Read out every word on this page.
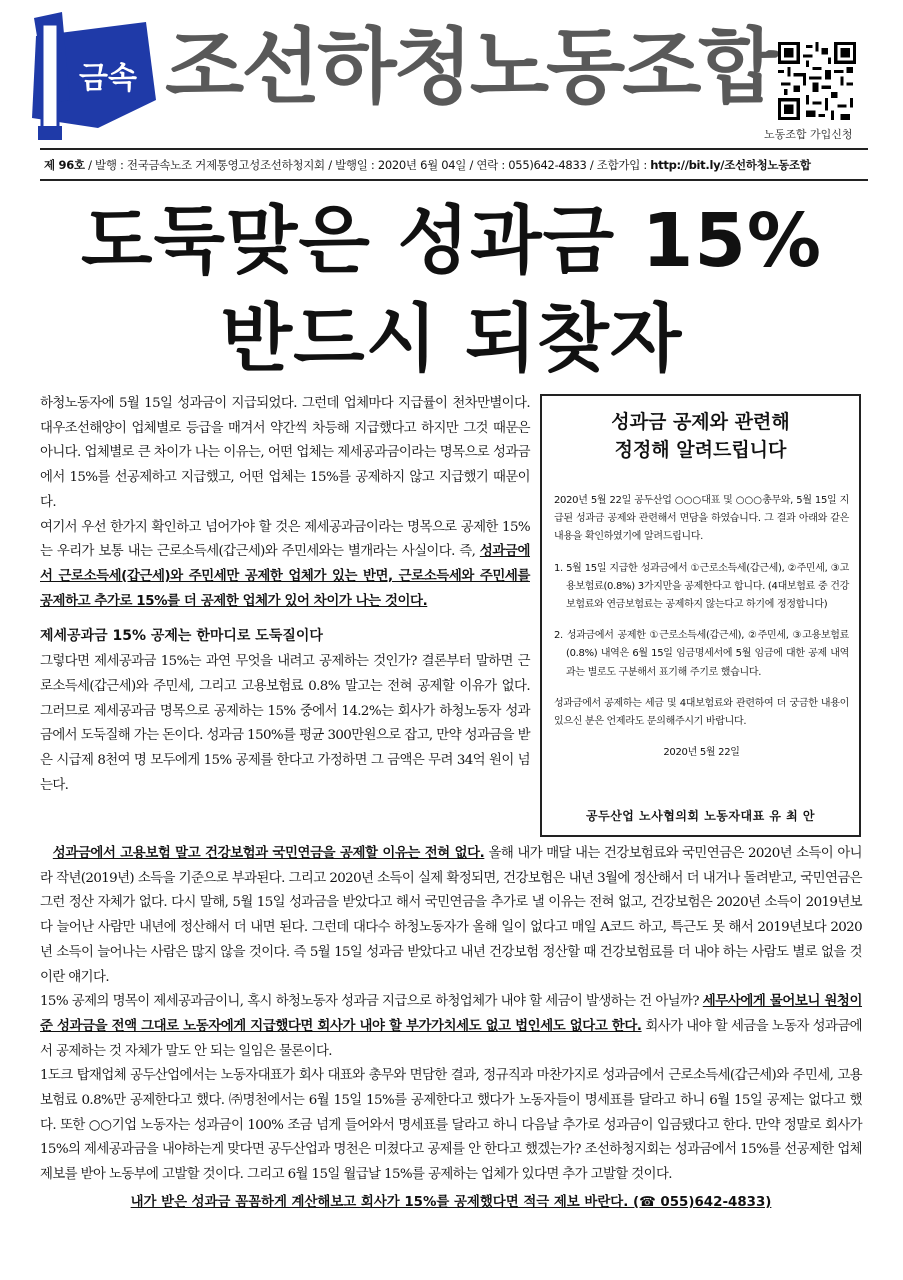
금속 조선하청노동조합
노동조합 가입신청
제 96호 / 발행 : 전국금속노조 거제통영고성조선하청지회 / 발행일 : 2020년 6월 04일 / 연락 : 055)642-4833 / 조합가입 : http://bit.ly/조선하청노동조합
도둑맞은 성과금 15%
반드시 되찾자

하청노동자에 5월 15일 성과금이 지급되었다. 그런데 업체마다 지급률이 천차만별이다. 대우조선해양이 업체별로 등급을 매겨서 약간씩 차등해 지급했다고 하지만 그것 때문은 아니다. 업체별로 큰 차이가 나는 이유는, 어떤 업체는 제세공과금이라는 명목으로 성과금에서 15%를 선공제하고 지급했고, 어떤 업체는 15%를 공제하지 않고 지급했기 때문이다.

여기서 우선 한가지 확인하고 넘어가야 할 것은 제세공과금이라는 명목으로 공제한 15%는 우리가 보통 내는 근로소득세(갑근세)와 주민세와는 별개라는 사실이다. 즉, 성과금에서 근로소득세(갑근세)와 주민세만 공제한 업체가 있는 반면, 근로소득세와 주민세를 공제하고 추가로 15%를 더 공제한 업체가 있어 차이가 나는 것이다.

제세공과금 15% 공제는 한마디로 도둑질이다

그렇다면 제세공과금 15%는 과연 무엇을 내려고 공제하는 것인가? 결론부터 말하면 근로소득세(갑근세)와 주민세, 그리고 고용보험료 0.8% 말고는 전혀 공제할 이유가 없다. 그러므로 제세공과금 명목으로 공제하는 15% 중에서 14.2%는 회사가 하청노동자 성과금에서 도둑질해 가는 돈이다. 성과금 150%를 평균 300만원으로 잡고, 만약 성과금을 받은 시급제 8천여 명 모두에게 15% 공제를 한다고 가정하면 그 금액은 무려 34억 원이 넘는다.

성과금 공제와 관련해
정정해 알려드립니다

2020년 5월 22일 공두산업 ○○○대표 및 ○○○총무와, 5월 15일 지급된 성과금 공제와 관련해서 면담을 하였습니다. 그 결과 아래와 같은 내용을 확인하였기에 알려드립니다.

1. 5월 15일 지급한 성과금에서 ①근로소득세(갑근세), ②주민세, ③고용보험료(0.8%) 3가지만을 공제한다고 합니다. (4대보험료 중 건강보험료와 연금보험료는 공제하지 않는다고 하기에 정정합니다)

2. 성과금에서 공제한 ①근로소득세(갑근세), ②주민세, ③고용보험료(0.8%) 내역은 6월 15일 임금명세서에 5월 임금에 대한 공제 내역과는 별로도 구분해서 표기해 주기로 했습니다.

성과금에서 공제하는 세금 및 4대보험료와 관련하여 더 궁금한 내용이 있으신 분은 언제라도 문의해주시기 바랍니다.

2020년 5월 22일
공두산업 노사협의회 노동자대표 유 최 안

 성과금에서 고용보험 말고 건강보험과 국민연금을 공제할 이유는 전혀 없다. 올해 내가 매달 내는 건강보험료와 국민연금은 2020년 소득이 아니라 작년(2019년) 소득을 기준으로 부과된다. 그리고 2020년 소득이 실제 확정되면, 건강보험은 내년 3월에 정산해서 더 내거나 돌려받고, 국민연금은 그런 정산 자체가 없다. 다시 말해, 5월 15일 성과금을 받았다고 해서 국민연금을 추가로 낼 이유는 전혀 없고, 건강보험은 2020년 소득이 2019년보다 늘어난 사람만 내년에 정산해서 더 내면 된다. 그런데 대다수 하청노동자가 올해 일이 없다고 매일 A코드 하고, 특근도 못 해서 2019년보다 2020년 소득이 늘어나는 사람은 많지 않을 것이다. 즉 5월 15일 성과금 받았다고 내년 건강보험 정산할 때 건강보험료를 더 내야 하는 사람도 별로 없을 것이란 얘기다.

15% 공제의 명목이 제세공과금이니, 혹시 하청노동자 성과금 지급으로 하청업체가 내야 할 세금이 발생하는 건 아닐까? 세무사에게 물어보니 원청이 준 성과금을 전액 그대로 노동자에게 지급했다면 회사가 내야 할 부가가치세도 없고 법인세도 없다고 한다. 회사가 내야 할 세금을 노동자 성과금에서 공제하는 것 자체가 말도 안 되는 일임은 물론이다.

1도크 탑재업체 공두산업에서는 노동자대표가 회사 대표와 총무와 면담한 결과, 정규직과 마찬가지로 성과금에서 근로소득세(갑근세)와 주민세, 고용보험료 0.8%만 공제한다고 했다. ㈜명천에서는 6월 15일 15%를 공제한다고 했다가 노동자들이 명세표를 달라고 하니 6월 15일 공제는 없다고 했다. 또한 ○○기업 노동자는 성과금이 100% 조금 넘게 들어와서 명세표를 달라고 하니 다음날 추가로 성과금이 입금됐다고 한다. 만약 정말로 회사가 15%의 제세공과금을 내야하는게 맞다면 공두산업과 명천은 미쳤다고 공제를 안 한다고 했겠는가? 조선하청지회는 성과금에서 15%를 선공제한 업체 제보를 받아 노동부에 고발할 것이다. 그리고 6월 15일 월급날 15%를 공제하는 업체가 있다면 추가 고발할 것이다.

내가 받은 성과금 꼼꼼하게 계산해보고 회사가 15%를 공제했다면 적극 제보 바란다. (☎ 055)642-4833)
